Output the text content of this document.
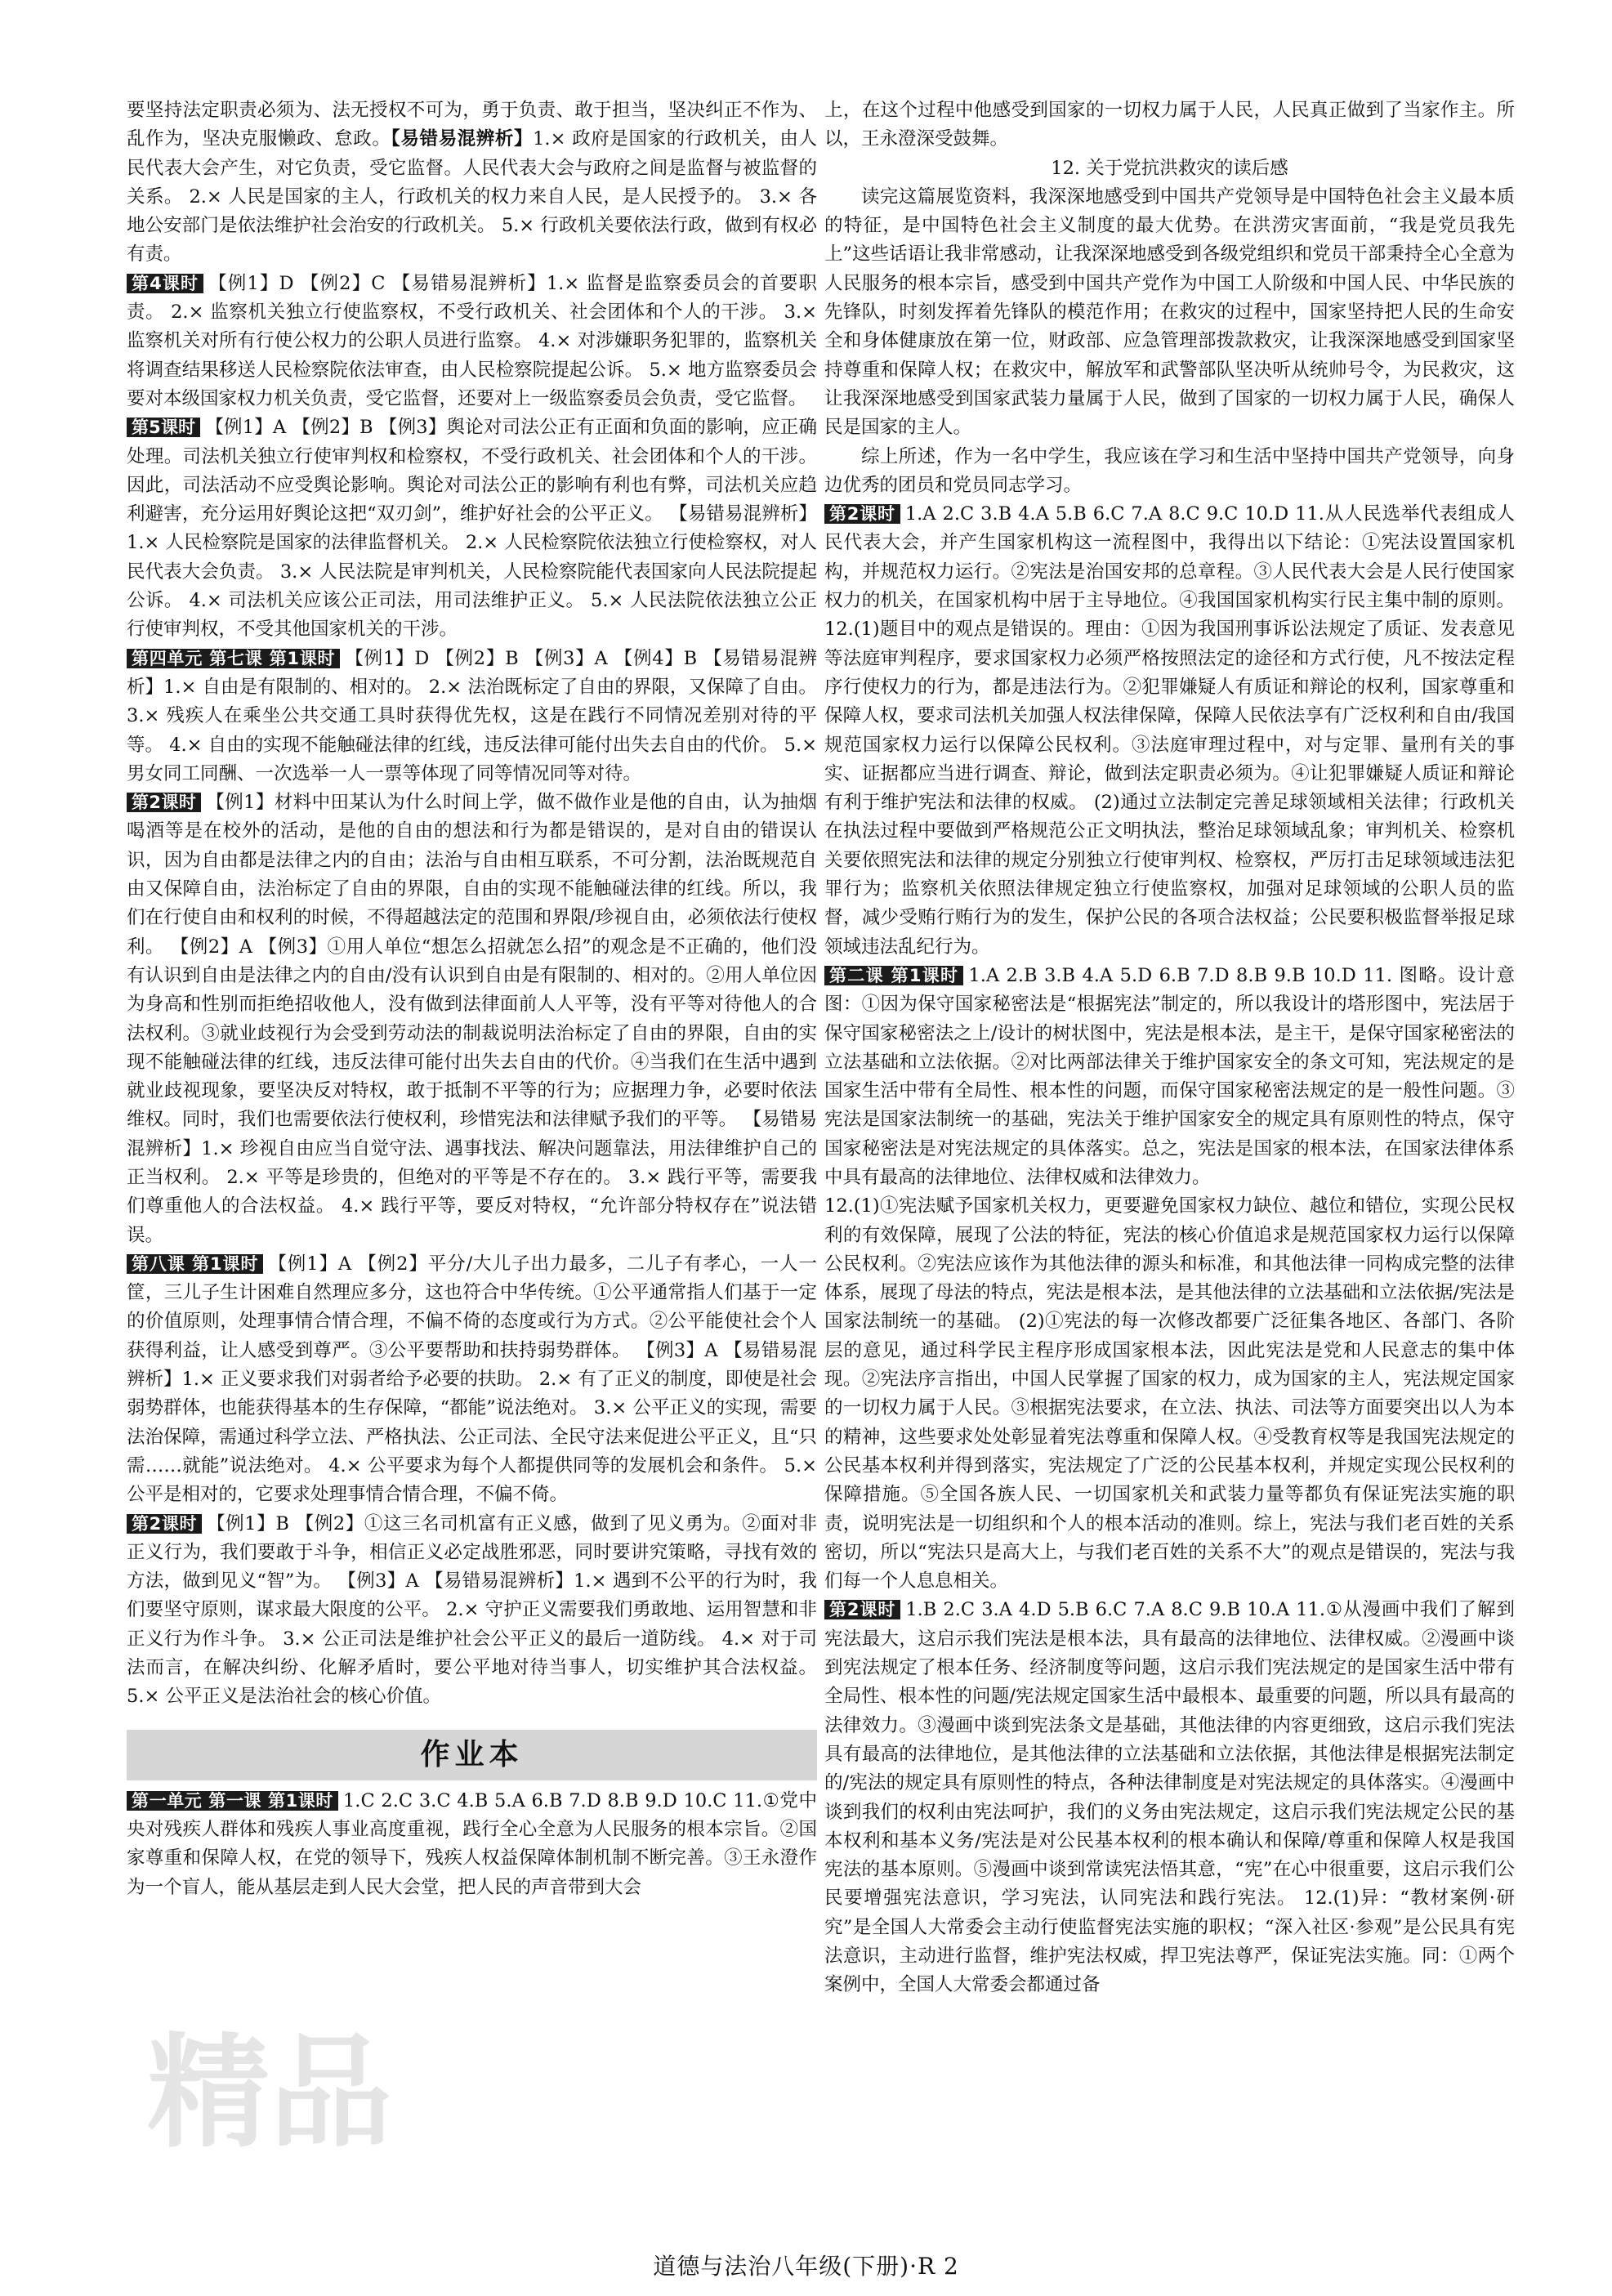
要坚持法定职责必须为、法无授权不可为，勇于负责、敢于担当，坚决纠正不作为、乱作为，坚决克服懒政、怠政。【易错易混辨析】1.× 政府是国家的行政机关，由人民代表大会产生，对它负责，受它监督。人民代表大会与政府之间是监督与被监督的关系。 2.× 人民是国家的主人，行政机关的权力来自人民，是人民授予的。 3.× 各地公安部门是依法维护社会治安的行政机关。 5.× 行政机关要依法行政，做到有权必有责。

第4课时 【例1】D 【例2】C 【易错易混辨析】1.× 监督是监察委员会的首要职责。 2.× 监察机关独立行使监察权，不受行政机关、社会团体和个人的干涉。 3.× 监察机关对所有行使公权力的公职人员进行监察。 4.× 对涉嫌职务犯罪的，监察机关将调查结果移送人民检察院依法审查，由人民检察院提起公诉。 5.× 地方监察委员会要对本级国家权力机关负责，受它监督，还要对上一级监察委员会负责，受它监督。

第5课时 【例1】A 【例2】B 【例3】舆论对司法公正有正面和负面的影响，应正确处理。司法机关独立行使审判权和检察权，不受行政机关、社会团体和个人的干涉。因此，司法活动不应受舆论影响。舆论对司法公正的影响有利也有弊，司法机关应趋利避害，充分运用好舆论这把“双刃剑”，维护好社会的公平正义。 【易错易混辨析】1.× 人民检察院是国家的法律监督机关。 2.× 人民检察院依法独立行使检察权，对人民代表大会负责。 3.× 人民法院是审判机关，人民检察院能代表国家向人民法院提起公诉。 4.× 司法机关应该公正司法，用司法维护正义。 5.× 人民法院依法独立公正行使审判权，不受其他国家机关的干涉。

第四单元 第七课 第1课时 【例1】D 【例2】B 【例3】A 【例4】B 【易错易混辨析】1.× 自由是有限制的、相对的。 2.× 法治既标定了自由的界限，又保障了自由。 3.× 残疾人在乘坐公共交通工具时获得优先权，这是在践行不同情况差别对待的平等。 4.× 自由的实现不能触碰法律的红线，违反法律可能付出失去自由的代价。 5.× 男女同工同酬、一次选举一人一票等体现了同等情况同等对待。

第2课时 【例1】材料中田某认为什么时间上学，做不做作业是他的自由，认为抽烟喝酒等是在校外的活动，是他的自由的想法和行为都是错误的，是对自由的错误认识，因为自由都是法律之内的自由；法治与自由相互联系，不可分割，法治既规范自由又保障自由，法治标定了自由的界限，自由的实现不能触碰法律的红线。所以，我们在行使自由和权利的时候，不得超越法定的范围和界限/珍视自由，必须依法行使权利。 【例2】A 【例3】①用人单位“想怎么招就怎么招”的观念是不正确的，他们没有认识到自由是法律之内的自由/没有认识到自由是有限制的、相对的。②用人单位因为身高和性别而拒绝招收他人，没有做到法律面前人人平等，没有平等对待他人的合法权利。③就业歧视行为会受到劳动法的制裁说明法治标定了自由的界限，自由的实现不能触碰法律的红线，违反法律可能付出失去自由的代价。④当我们在生活中遇到就业歧视现象，要坚决反对特权，敢于抵制不平等的行为；应据理力争，必要时依法维权。同时，我们也需要依法行使权利，珍惜宪法和法律赋予我们的平等。 【易错易混辨析】1.× 珍视自由应当自觉守法、遇事找法、解决问题靠法，用法律维护自己的正当权利。 2.× 平等是珍贵的，但绝对的平等是不存在的。 3.× 践行平等，需要我们尊重他人的合法权益。 4.× 践行平等，要反对特权，“允许部分特权存在”说法错误。

第八课 第1课时 【例1】A 【例2】平分/大儿子出力最多，二儿子有孝心，一人一筐，三儿子生计困难自然理应多分，这也符合中华传统。①公平通常指人们基于一定的价值原则，处理事情合情合理，不偏不倚的态度或行为方式。②公平能使社会个人获得利益，让人感受到尊严。③公平要帮助和扶持弱势群体。 【例3】A 【易错易混辨析】1.× 正义要求我们对弱者给予必要的扶助。 2.× 有了正义的制度，即使是社会弱势群体，也能获得基本的生存保障，“都能”说法绝对。 3.× 公平正义的实现，需要法治保障，需通过科学立法、严格执法、公正司法、全民守法来促进公平正义，且“只需……就能”说法绝对。 4.× 公平要求为每个人都提供同等的发展机会和条件。 5.× 公平是相对的，它要求处理事情合情合理，不偏不倚。

第2课时 【例1】B 【例2】①这三名司机富有正义感，做到了见义勇为。②面对非正义行为，我们要敢于斗争，相信正义必定战胜邪恶，同时要讲究策略，寻找有效的方法，做到见义“智”为。 【例3】A 【易错易混辨析】1.× 遇到不公平的行为时，我们要坚守原则，谋求最大限度的公平。 2.× 守护正义需要我们勇敢地、运用智慧和非正义行为作斗争。 3.× 公正司法是维护社会公平正义的最后一道防线。 4.× 对于司法而言，在解决纠纷、化解矛盾时，要公平地对待当事人，切实维护其合法权益。 5.× 公平正义是法治社会的核心价值。

作业本

第一单元 第一课 第1课时 1.C 2.C 3.C 4.B 5.A 6.B 7.D 8.B 9.D 10.C 11.①党中央对残疾人群体和残疾人事业高度重视，践行全心全意为人民服务的根本宗旨。②国家尊重和保障人权，在党的领导下，残疾人权益保障体制机制不断完善。③王永澄作为一个盲人，能从基层走到人民大会堂，把人民的声音带到大会

上，在这个过程中他感受到国家的一切权力属于人民，人民真正做到了当家作主。所以，王永澄深受鼓舞。

12. 关于党抗洪救灾的读后感

读完这篇展览资料，我深深地感受到中国共产党领导是中国特色社会主义最本质的特征，是中国特色社会主义制度的最大优势。在洪涝灾害面前，“我是党员我先上”这些话语让我非常感动，让我深深地感受到各级党组织和党员干部秉持全心全意为人民服务的根本宗旨，感受到中国共产党作为中国工人阶级和中国人民、中华民族的先锋队，时刻发挥着先锋队的模范作用；在救灾的过程中，国家坚持把人民的生命安全和身体健康放在第一位，财政部、应急管理部拨款救灾，让我深深地感受到国家坚持尊重和保障人权；在救灾中，解放军和武警部队坚决听从统帅号令，为民救灾，这让我深深地感受到国家武装力量属于人民，做到了国家的一切权力属于人民，确保人民是国家的主人。

综上所述，作为一名中学生，我应该在学习和生活中坚持中国共产党领导，向身边优秀的团员和党员同志学习。

第2课时 1.A 2.C 3.B 4.A 5.B 6.C 7.A 8.C 9.C 10.D 11.从人民选举代表组成人民代表大会，并产生国家机构这一流程图中，我得出以下结论：①宪法设置国家机构，并规范权力运行。②宪法是治国安邦的总章程。③人民代表大会是人民行使国家权力的机关，在国家机构中居于主导地位。④我国国家机构实行民主集中制的原则。 12.(1)题目中的观点是错误的。理由：①因为我国刑事诉讼法规定了质证、发表意见等法庭审判程序，要求国家权力必须严格按照法定的途径和方式行使，凡不按法定程序行使权力的行为，都是违法行为。②犯罪嫌疑人有质证和辩论的权利，国家尊重和保障人权，要求司法机关加强人权法律保障，保障人民依法享有广泛权利和自由/我国规范国家权力运行以保障公民权利。③法庭审理过程中，对与定罪、量刑有关的事实、证据都应当进行调查、辩论，做到法定职责必须为。④让犯罪嫌疑人质证和辩论有利于维护宪法和法律的权威。 (2)通过立法制定完善足球领域相关法律；行政机关在执法过程中要做到严格规范公正文明执法，整治足球领域乱象；审判机关、检察机关要依照宪法和法律的规定分别独立行使审判权、检察权，严厉打击足球领域违法犯罪行为；监察机关依照法律规定独立行使监察权，加强对足球领域的公职人员的监督，减少受贿行贿行为的发生，保护公民的各项合法权益；公民要积极监督举报足球领域违法乱纪行为。

第二课 第1课时 1.A 2.B 3.B 4.A 5.D 6.B 7.D 8.B 9.B 10.D 11. 图略。设计意图：①因为保守国家秘密法是“根据宪法”制定的，所以我设计的塔形图中，宪法居于保守国家秘密法之上/设计的树状图中，宪法是根本法，是主干，是保守国家秘密法的立法基础和立法依据。②对比两部法律关于维护国家安全的条文可知，宪法规定的是国家生活中带有全局性、根本性的问题，而保守国家秘密法规定的是一般性问题。③宪法是国家法制统一的基础，宪法关于维护国家安全的规定具有原则性的特点，保守国家秘密法是对宪法规定的具体落实。总之，宪法是国家的根本法，在国家法律体系中具有最高的法律地位、法律权威和法律效力。

12.(1)①宪法赋予国家机关权力，更要避免国家权力缺位、越位和错位，实现公民权利的有效保障，展现了公法的特征，宪法的核心价值追求是规范国家权力运行以保障公民权利。②宪法应该作为其他法律的源头和标准，和其他法律一同构成完整的法律体系，展现了母法的特点，宪法是根本法，是其他法律的立法基础和立法依据/宪法是国家法制统一的基础。 (2)①宪法的每一次修改都要广泛征集各地区、各部门、各阶层的意见，通过科学民主程序形成国家根本法，因此宪法是党和人民意志的集中体现。②宪法序言指出，中国人民掌握了国家的权力，成为国家的主人，宪法规定国家的一切权力属于人民。③根据宪法要求，在立法、执法、司法等方面要突出以人为本的精神，这些要求处处彰显着宪法尊重和保障人权。④受教育权等是我国宪法规定的公民基本权利并得到落实，宪法规定了广泛的公民基本权利，并规定实现公民权利的保障措施。⑤全国各族人民、一切国家机关和武装力量等都负有保证宪法实施的职责，说明宪法是一切组织和个人的根本活动的准则。综上，宪法与我们老百姓的关系密切，所以“宪法只是高大上，与我们老百姓的关系不大”的观点是错误的，宪法与我们每一个人息息相关。

第2课时 1.B 2.C 3.A 4.D 5.B 6.C 7.A 8.C 9.B 10.A 11.①从漫画中我们了解到宪法最大，这启示我们宪法是根本法，具有最高的法律地位、法律权威。②漫画中谈到宪法规定了根本任务、经济制度等问题，这启示我们宪法规定的是国家生活中带有全局性、根本性的问题/宪法规定国家生活中最根本、最重要的问题，所以具有最高的法律效力。③漫画中谈到宪法条文是基础，其他法律的内容更细致，这启示我们宪法具有最高的法律地位，是其他法律的立法基础和立法依据，其他法律是根据宪法制定的/宪法的规定具有原则性的特点，各种法律制度是对宪法规定的具体落实。④漫画中谈到我们的权利由宪法呵护，我们的义务由宪法规定，这启示我们宪法规定公民的基本权利和基本义务/宪法是对公民基本权利的根本确认和保障/尊重和保障人权是我国宪法的基本原则。⑤漫画中谈到常读宪法悟其意，“宪”在心中很重要，这启示我们公民要增强宪法意识，学习宪法，认同宪法和践行宪法。 12.(1)异：“教材案例·研究”是全国人大常委会主动行使监督宪法实施的职权；“深入社区·参观”是公民具有宪法意识，主动进行监督，维护宪法权威，捍卫宪法尊严，保证宪法实施。同：①两个案例中，全国人大常委会都通过备

精品
道德与法治八年级(下册)·R 2
